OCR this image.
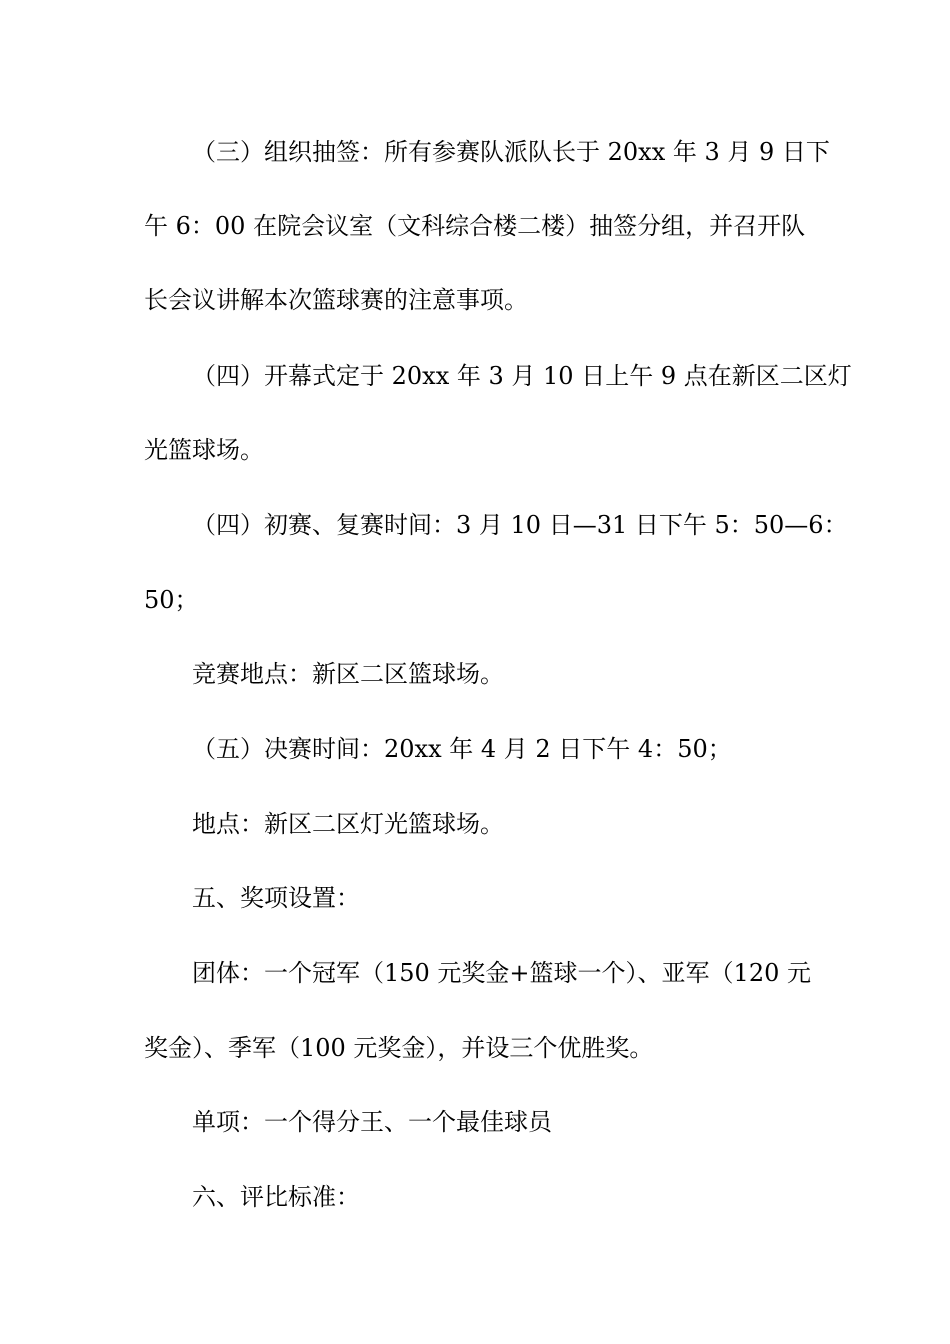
（三）组织抽签：所有参赛队派队长于 20xx 年 3 月 9 日下
午 6：00 在院会议室（文科综合楼二楼）抽签分组，并召开队
长会议讲解本次篮球赛的注意事项。
（四）开幕式定于 20xx 年 3 月 10 日上午 9 点在新区二区灯
光篮球场。
（四）初赛、复赛时间：3 月 10 日—31 日下午 5：50—6：
50；
竞赛地点：新区二区篮球场。
（五）决赛时间：20xx 年 4 月 2 日下午 4：50；
地点：新区二区灯光篮球场。
五、奖项设置：
团体：一个冠军（150 元奖金+篮球一个）、亚军（120 元
奖金）、季军（100 元奖金），并设三个优胜奖。
单项：一个得分王、一个最佳球员
六、评比标准：
